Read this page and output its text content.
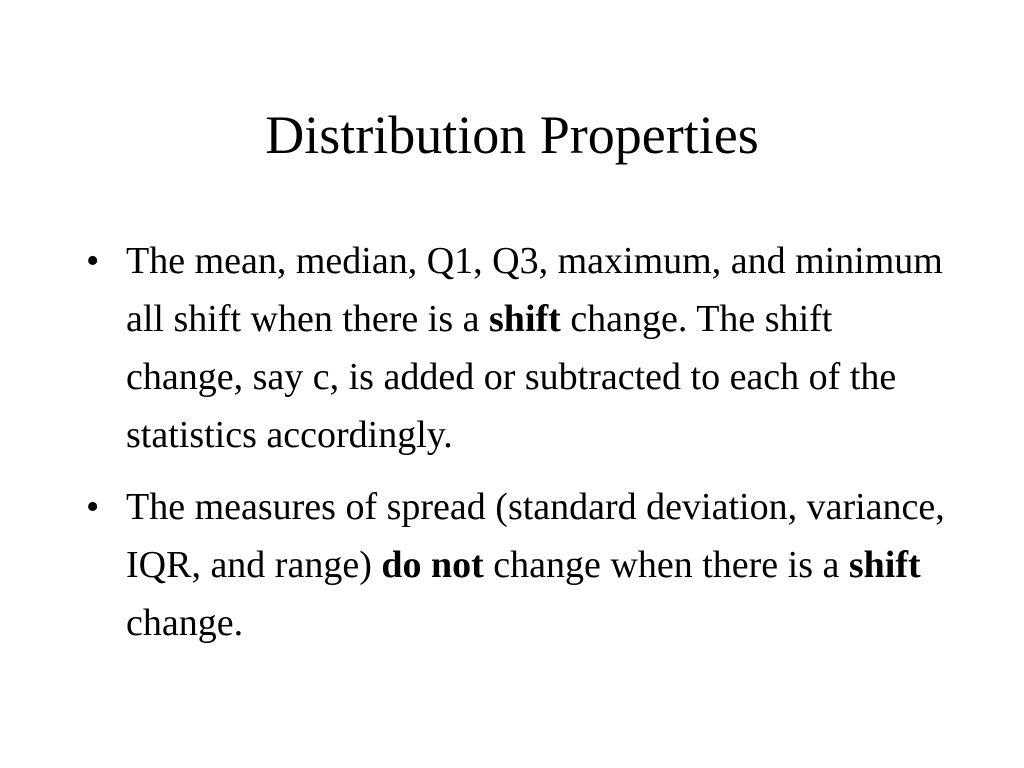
Distribution Properties
• The mean, median, Q1, Q3, maximum, and minimum all shift when there is a shift change. The shift change, say c, is added or subtracted to each of the statistics accordingly.
• The measures of spread (standard deviation, variance, IQR, and range) do not change when there is a shift change.
